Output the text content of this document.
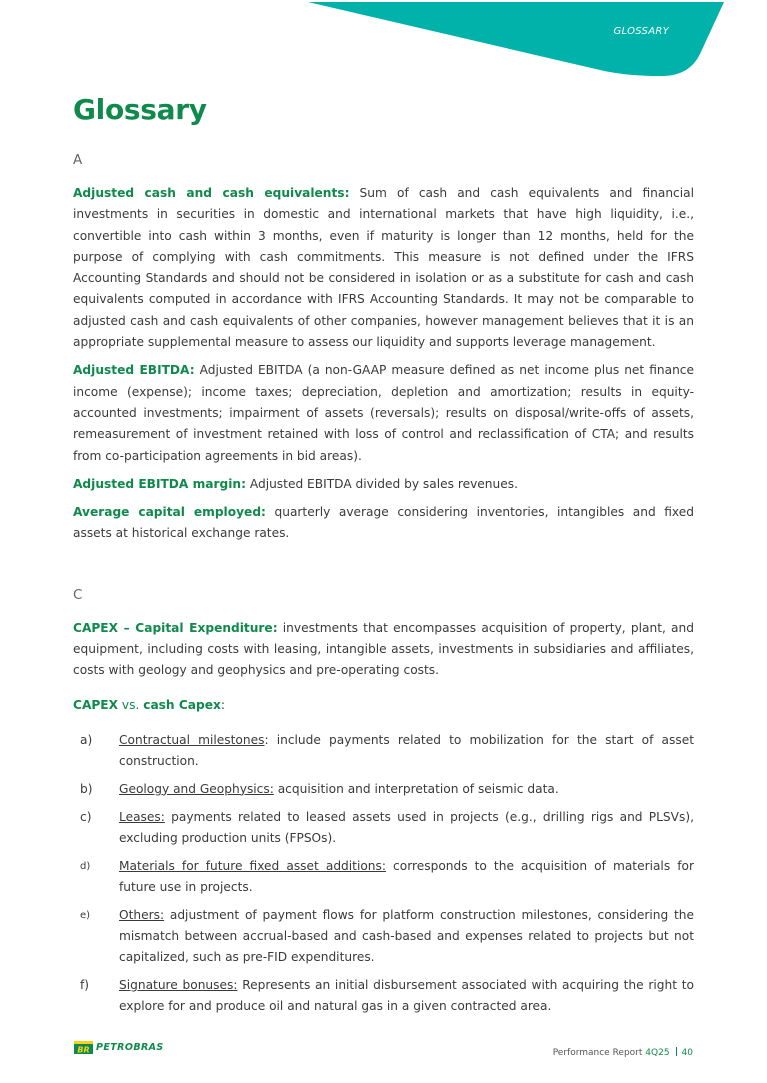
GLOSSARY
Glossary

A

Adjusted cash and cash equivalents: Sum of cash and cash equivalents and financial investments in securities in domestic and international markets that have high liquidity, i.e., convertible into cash within 3 months, even if maturity is longer than 12 months, held for the purpose of complying with cash commitments. This measure is not defined under the IFRS Accounting Standards and should not be considered in isolation or as a substitute for cash and cash equivalents computed in accordance with IFRS Accounting Standards. It may not be comparable to adjusted cash and cash equivalents of other companies, however management believes that it is an appropriate supplemental measure to assess our liquidity and supports leverage management.

Adjusted EBITDA: Adjusted EBITDA (a non-GAAP measure defined as net income plus net finance income (expense); income taxes; depreciation, depletion and amortization; results in equity-accounted investments; impairment of assets (reversals); results on disposal/write-offs of assets, remeasurement of investment retained with loss of control and reclassification of CTA; and results from co-participation agreements in bid areas).

Adjusted EBITDA margin: Adjusted EBITDA divided by sales revenues.

Average capital employed: quarterly average considering inventories, intangibles and fixed assets at historical exchange rates.

C

CAPEX – Capital Expenditure: investments that encompasses acquisition of property, plant, and equipment, including costs with leasing, intangible assets, investments in subsidiaries and affiliates, costs with geology and geophysics and pre-operating costs.

CAPEX vs. cash Capex:

a) Contractual milestones: include payments related to mobilization for the start of asset construction.
b) Geology and Geophysics: acquisition and interpretation of seismic data.
c) Leases: payments related to leased assets used in projects (e.g., drilling rigs and PLSVs), excluding production units (FPSOs).
d) Materials for future fixed asset additions: corresponds to the acquisition of materials for future use in projects.
e) Others: adjustment of payment flows for platform construction milestones, considering the mismatch between accrual-based and cash-based and expenses related to projects but not capitalized, such as pre-FID expenditures.
f) Signature bonuses: Represents an initial disbursement associated with acquiring the right to explore for and produce oil and natural gas in a given contracted area.
BR PETROBRAS	Performance Report 4Q25 40
